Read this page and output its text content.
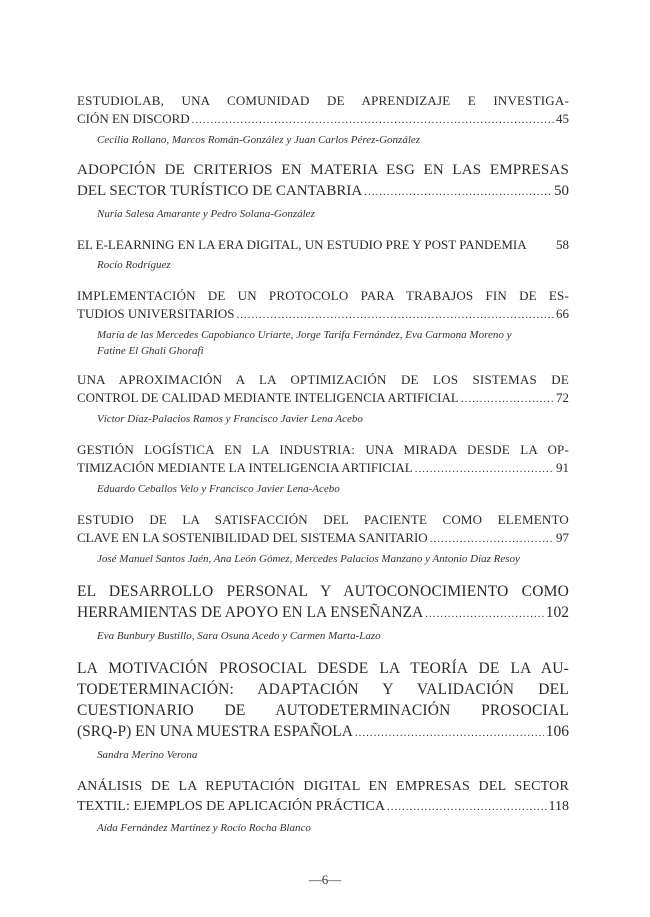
ESTUDIOLAB, UNA COMUNIDAD DE APRENDIZAJE E INVESTIGA-
CIÓN EN DISCORD .....	45
Cecilia Rollano, Marcos Román-González y Juan Carlos Pérez-González
ADOPCIÓN DE CRITERIOS EN MATERIA ESG EN LAS EMPRESAS
DEL SECTOR TURÍSTICO DE CANTABRIA .....	50
Nuria Salesa Amarante y Pedro Solana-González
EL E-LEARNING EN LA ERA DIGITAL, UN ESTUDIO PRE Y POST PANDEMIA 58
Rocío Rodríguez
IMPLEMENTACIÓN DE UN PROTOCOLO PARA TRABAJOS FIN DE ES-
TUDIOS UNIVERSITARIOS .....	66
María de las Mercedes Capobianco Uriarte, Jorge Tarifa Fernández, Eva Carmona Moreno y
Fatine El Ghali Ghorafi
UNA APROXIMACIÓN A LA OPTIMIZACIÓN DE LOS SISTEMAS DE
CONTROL DE CALIDAD MEDIANTE INTELIGENCIA ARTIFICIAL .....	72
Víctor Díaz-Palacios Ramos y Francisco Javier Lena Acebo
GESTIÓN LOGÍSTICA EN LA INDUSTRIA: UNA MIRADA DESDE LA OP-
TIMIZACIÓN MEDIANTE LA INTELIGENCIA ARTIFICIAL .....	91
Eduardo Ceballos Velo y Francisco Javier Lena-Acebo
ESTUDIO DE LA SATISFACCIÓN DEL PACIENTE COMO ELEMENTO
CLAVE EN LA SOSTENIBILIDAD DEL SISTEMA SANITARIO .....	97
José Manuel Santos Jaén, Ana León Gómez, Mercedes Palacios Manzano y Antonio Díaz Resoy
EL DESARROLLO PERSONAL Y AUTOCONOCIMIENTO COMO
HERRAMIENTAS DE APOYO EN LA ENSEÑANZA .....	102
Eva Bunbury Bustillo, Sara Osuna Acedo y Carmen Marta-Lazo
LA MOTIVACIÓN PROSOCIAL DESDE LA TEORÍA DE LA AU-
TODETERMINACIÓN: ADAPTACIÓN Y VALIDACIÓN DEL
CUESTIONARIO DE AUTODETERMINACIÓN PROSOCIAL
(SRQ-P) EN UNA MUESTRA ESPAÑOLA .....	106
Sandra Merino Verona
ANÁLISIS DE LA REPUTACIÓN DIGITAL EN EMPRESAS DEL SECTOR
TEXTIL: EJEMPLOS DE APLICACIÓN PRÁCTICA .....	118
Aída Fernández Martínez y Rocío Rocha Blanco
—6—
